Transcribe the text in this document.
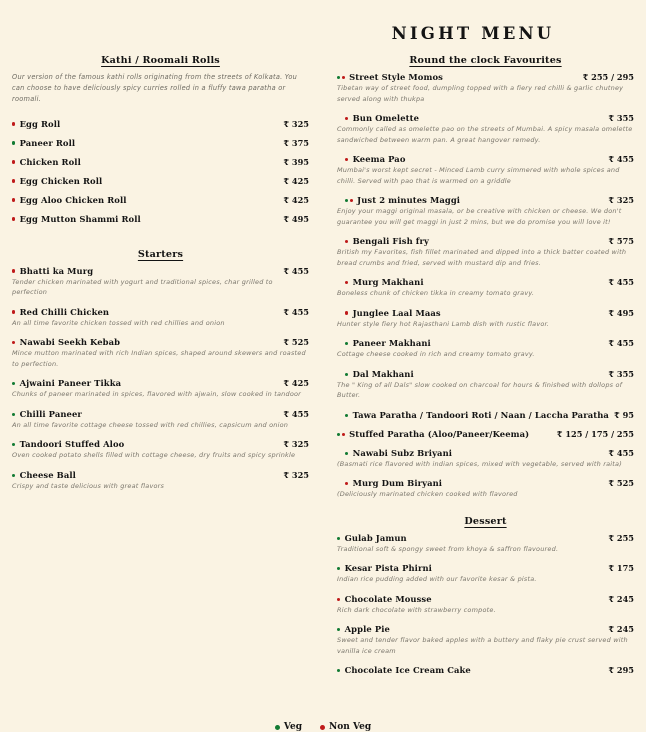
NIGHT MENU
Kathi / Roomali Rolls
Our version of the famous kathi rolls originating from the streets of Kolkata. You can choose to have deliciously spicy curries rolled in a fluffy tawa paratha or roomali.
Egg Roll	₹ 325
Paneer Roll	₹ 375
Chicken Roll	₹ 395
Egg Chicken Roll	₹ 425
Egg Aloo Chicken Roll	₹ 425
Egg Mutton Shammi Roll	₹ 495
Starters
Bhatti ka Murg	₹ 455
Tender chicken marinated with yogurt and traditional spices, char grilled to perfection
Red Chilli Chicken	₹ 455
An all time favorite chicken tossed with red chillies and onion
Nawabi Seekh Kebab	₹ 525
Mince mutton marinated with rich Indian spices, shaped around skewers and roasted to perfection.
Ajwaini Paneer Tikka	₹ 425
Chunks of paneer marinated in spices, flavored with ajwain, slow cooked in tandoor
Chilli Paneer	₹ 455
An all time favorite cottage cheese tossed with red chillies, capsicum and onion
Tandoori Stuffed Aloo	₹ 325
Oven cooked potato shells filled with cottage cheese, dry fruits and spicy sprinkle
Cheese Ball	₹ 325
Crispy and taste delicious with great flavors
Round the clock Favourites
Street Style Momos	₹ 255 / 295
Tibetan way of street food, dumpling topped with a fiery red chilli & garlic chutney served along with thukpa
Bun Omelette	₹ 355
Commonly called as omelette pao on the streets of Mumbai. A spicy masala omelette sandwiched between warm pan. A great hangover remedy.
Keema Pao	₹ 455
Mumbai's worst kept secret - Minced Lamb curry simmered with whole spices and chilli. Served with pao that is warmed on a griddle
Just 2 minutes Maggi	₹ 325
Enjoy your maggi original masala, or be creative with chicken or cheese. We don't guarantee you will get maggi in just 2 mins, but we do promise you will love it!
Bengali Fish fry	₹ 575
British my Favorites, fish fillet marinated and dipped into a thick batter coated with bread crumbs and fried, served with mustard dip and fries.
Murg Makhani	₹ 455
Boneless chunk of chicken tikka in creamy tomato gravy.
Junglee Laal Maas	₹ 495
Hunter style fiery hot Rajasthani Lamb dish with rustic flavor.
Paneer Makhani	₹ 455
Cottage cheese cooked in rich and creamy tomato gravy.
Dal Makhani	₹ 355
The " King of all Dals" slow cooked on charcoal for hours & finished with dollops of Butter.
Tawa Paratha / Tandoori Roti / Naan / Laccha Paratha ₹ 95
Stuffed Paratha (Aloo/Paneer/Keema)	₹ 125 / 175 / 255
Nawabi Subz Briyani	₹ 455
(Basmati rice flavored with indian spices, mixed with vegetable, served with raita)
Murg Dum Biryani	₹ 525
(Deliciously marinated chicken cooked with flavored
Dessert
Gulab Jamun	₹ 255
Traditional soft & spongy sweet from khoya & saffron flavoured.
Kesar Pista Phirni	₹ 175
Indian rice pudding added with our favorite kesar & pista.
Chocolate Mousse	₹ 245
Rich dark chocolate with strawberry compote.
Apple Pie	₹ 245
Sweet and tender flavor baked apples with a buttery and flaky pie crust served with vanilla ice cream
Chocolate Ice Cream Cake	₹ 295
Veg	Non Veg
